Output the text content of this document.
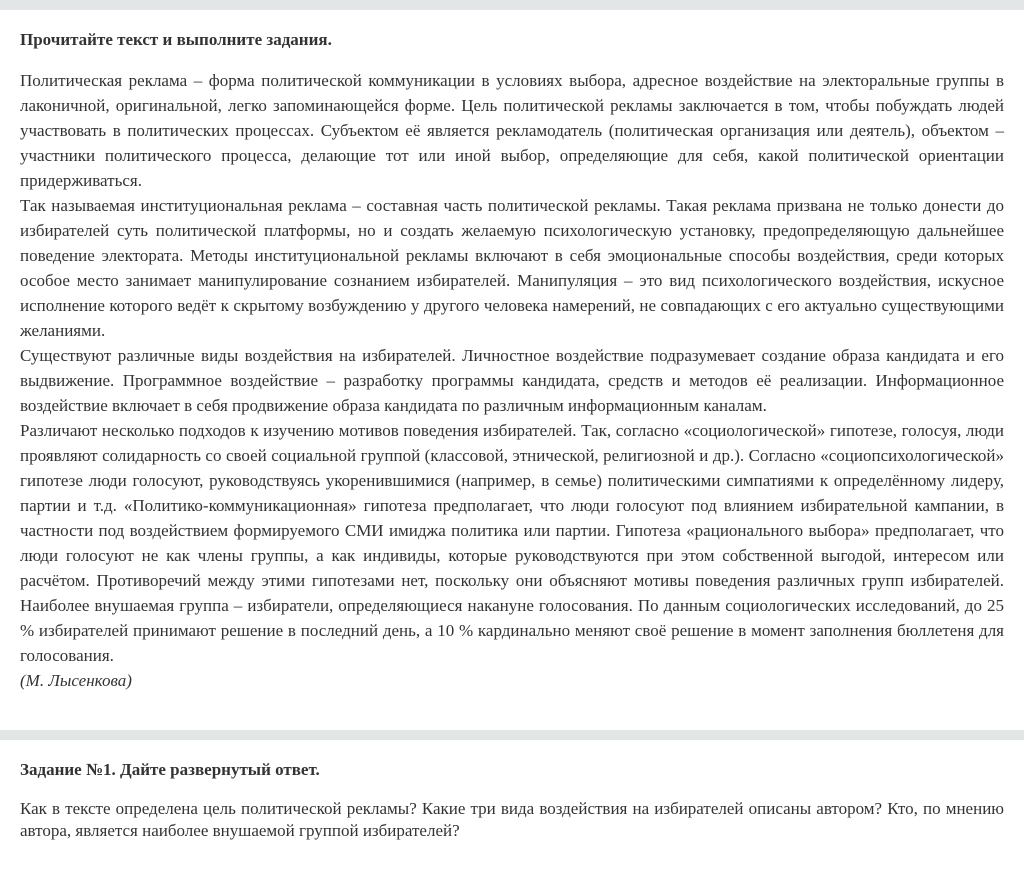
Прочитайте текст и выполните задания.

Политическая реклама – форма политической коммуникации в условиях выбора, адресное воздействие на электоральные группы в лаконичной, оригинальной, легко запоминающейся форме. Цель политической рекламы заключается в том, чтобы побуждать людей участвовать в политических процессах. Субъектом её является рекламодатель (политическая организация или деятель), объектом – участники политического процесса, делающие тот или иной выбор, определяющие для себя, какой политической ориентации придерживаться.

Так называемая институциональная реклама – составная часть политической рекламы. Такая реклама призвана не только донести до избирателей суть политической платформы, но и создать желаемую психологическую установку, предопределяющую дальнейшее поведение электората. Методы институциональной рекламы включают в себя эмоциональные способы воздействия, среди которых особое место занимает манипулирование сознанием избирателей. Манипуляция – это вид психологического воздействия, искусное исполнение которого ведёт к скрытому возбуждению у другого человека намерений, не совпадающих с его актуально существующими желаниями.

Существуют различные виды воздействия на избирателей. Личностное воздействие подразумевает создание образа кандидата и его выдвижение. Программное воздействие – разработку программы кандидата, средств и методов её реализации. Информационное воздействие включает в себя продвижение образа кандидата по различным информационным каналам.

Различают несколько подходов к изучению мотивов поведения избирателей. Так, согласно «социологической» гипотезе, голосуя, люди проявляют солидарность со своей социальной группой (классовой, этнической, религиозной и др.). Согласно «социопсихологической» гипотезе люди голосуют, руководствуясь укоренившимися (например, в семье) политическими симпатиями к определённому лидеру, партии и т.д. «Политико-коммуникационная» гипотеза предполагает, что люди голосуют под влиянием избирательной кампании, в частности под воздействием формируемого СМИ имиджа политика или партии. Гипотеза «рационального выбора» предполагает, что люди голосуют не как члены группы, а как индивиды, которые руководствуются при этом собственной выгодой, интересом или расчётом. Противоречий между этими гипотезами нет, поскольку они объясняют мотивы поведения различных групп избирателей. Наиболее внушаемая группа – избиратели, определяющиеся накануне голосования. По данным социологических исследований, до 25 % избирателей принимают решение в последний день, а 10 % кардинально меняют своё решение в момент заполнения бюллетеня для голосования.

(М. Лысенкова)

Задание №1. Дайте развернутый ответ.

Как в тексте определена цель политической рекламы? Какие три вида воздействия на избирателей описаны автором? Кто, по мнению автора, является наиболее внушаемой группой избирателей?
